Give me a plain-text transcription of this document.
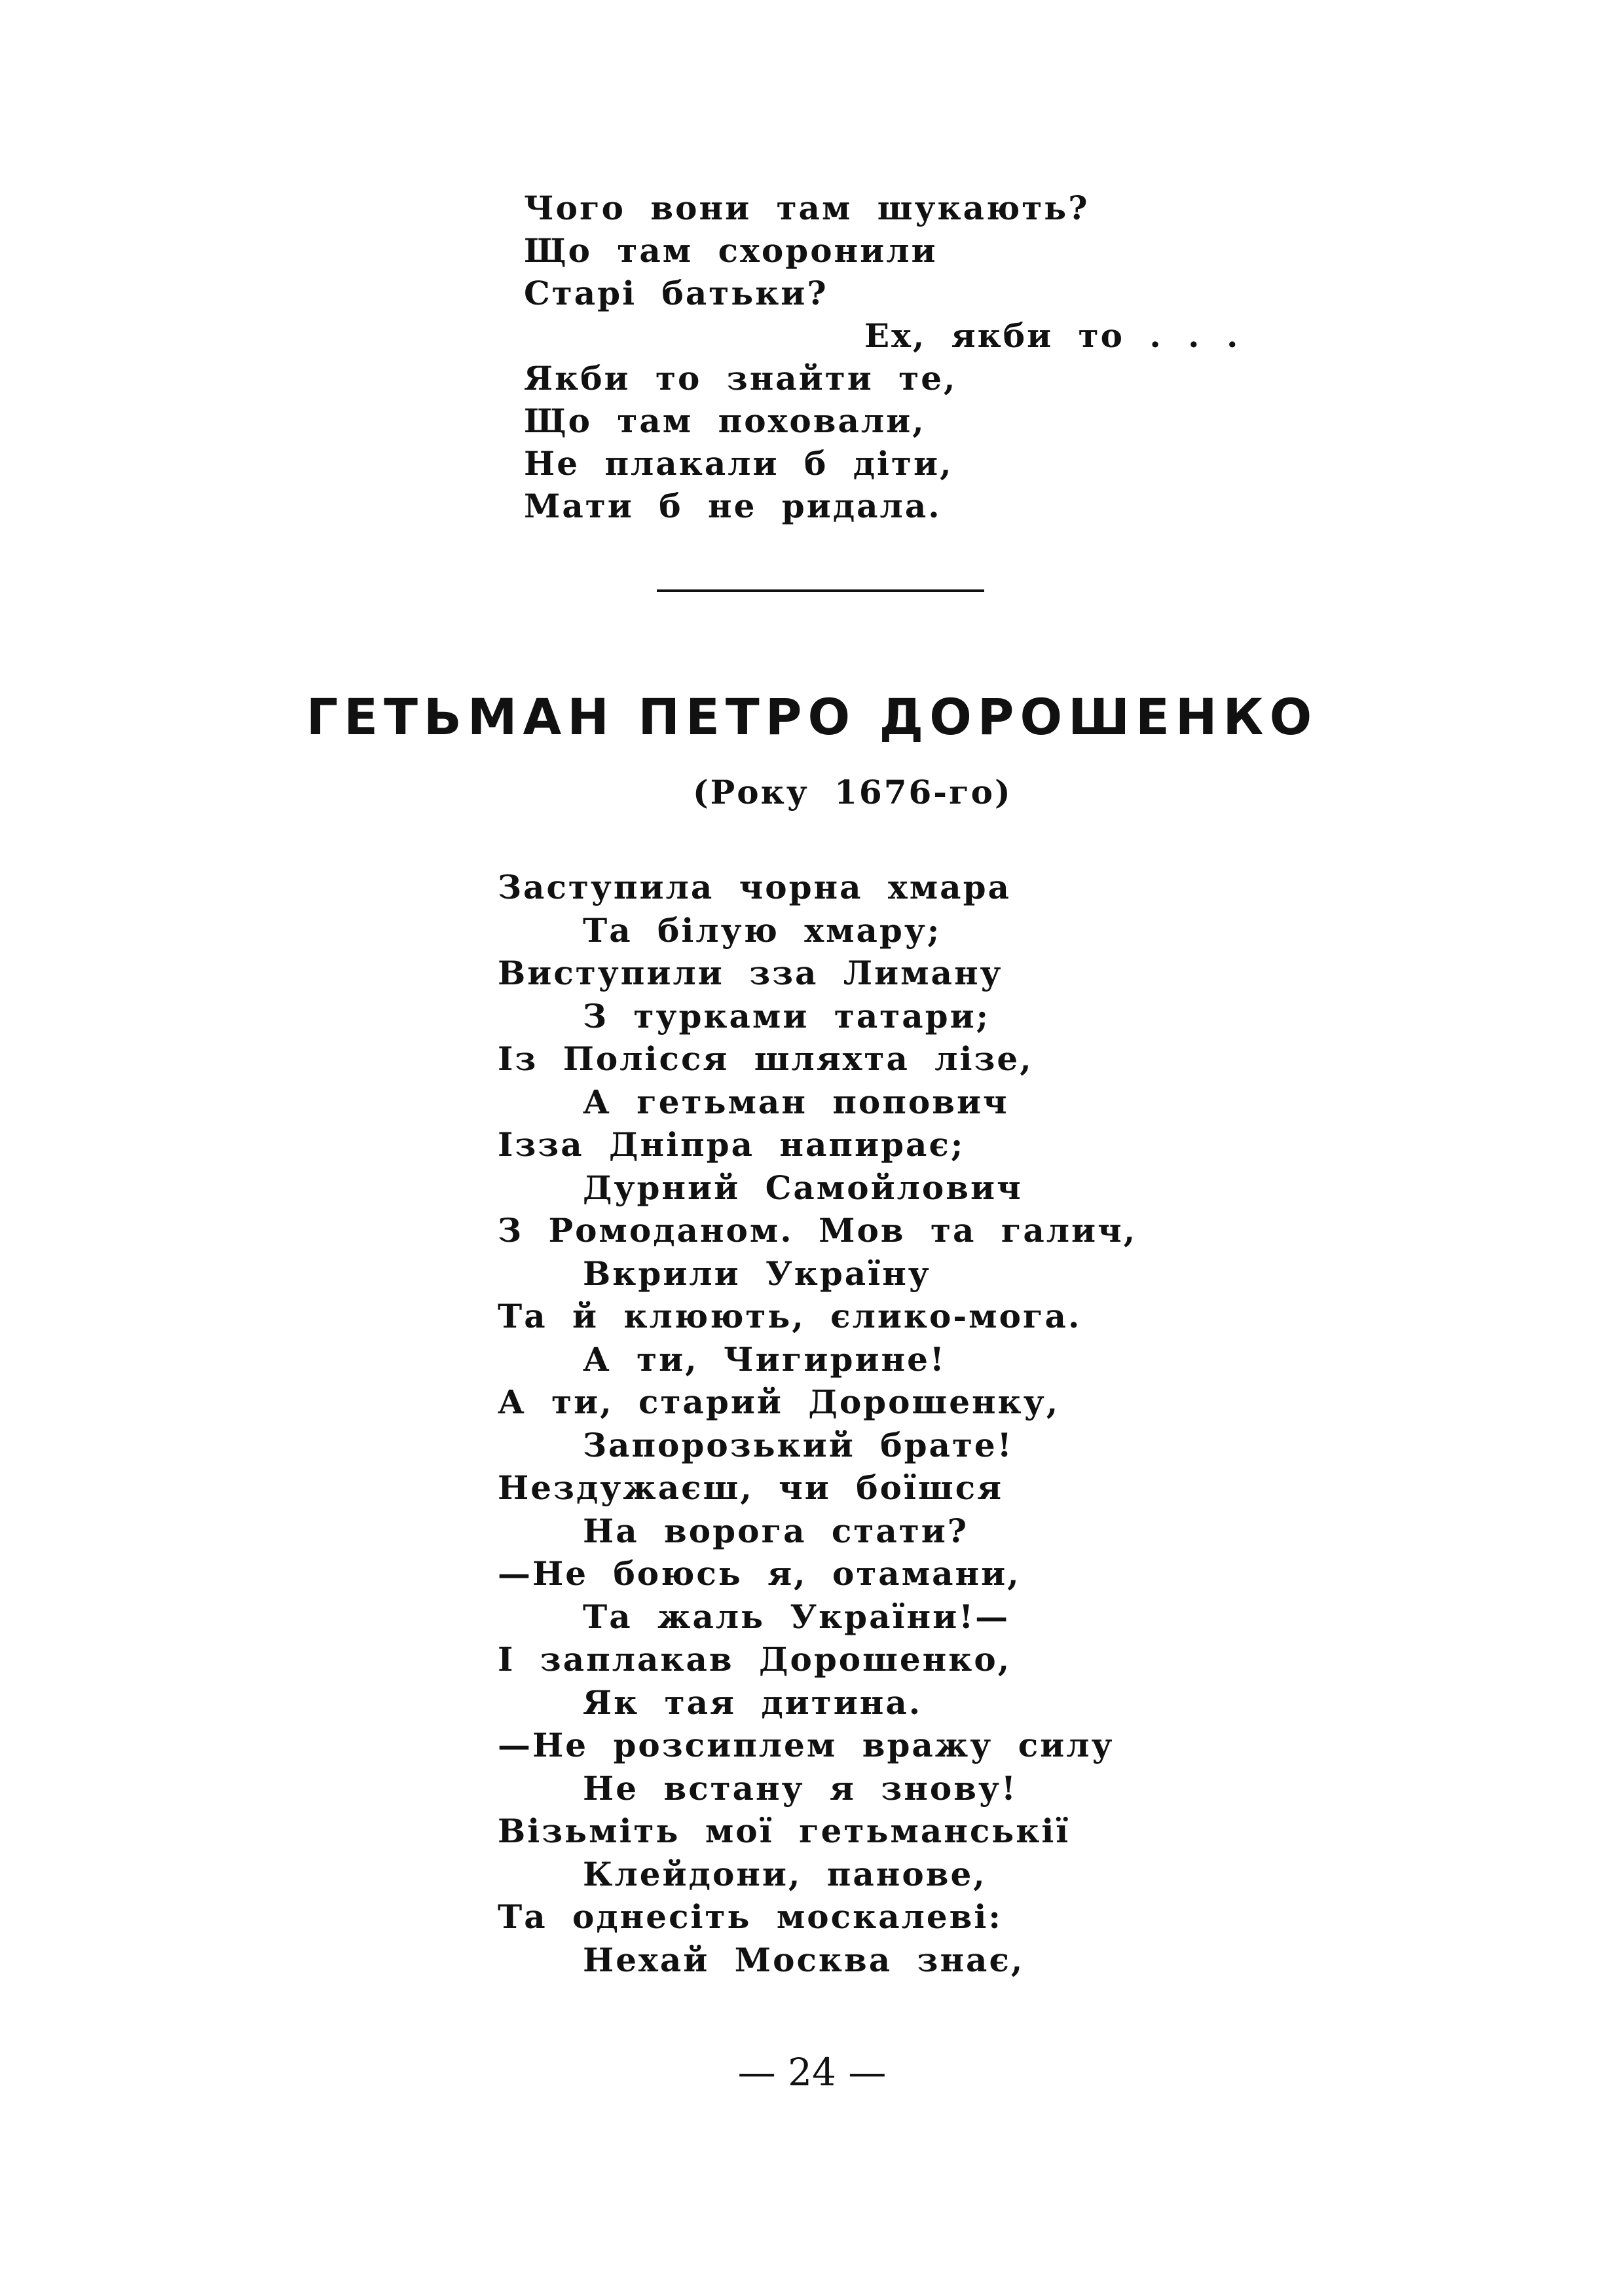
Чого вони там шукають?
Що там схоронили
Старі батьки?
Ех, якби то . . .
Якби то знайти те,
Що там поховали,
Не плакали б діти,
Мати б не ридала.
ГЕТЬМАН ПЕТРО ДОРОШЕНКО
(Року 1676-го)
Заступила чорна хмара
Та білую хмару;
Виступили зза Лиману
З турками татари;
Із Полісся шляхта лізе,
А гетьман попович
Ізза Дніпра напирає;
Дурний Самойлович
З Ромоданом. Мов та галич,
Вкрили Україну
Та й клюють, єлико-мога.
А ти, Чигирине!
А ти, старий Дорошенку,
Запорозький брате!
Нездужаєш, чи боїшся
На ворога стати?
—Не боюсь я, отамани,
Та жаль України!—
І заплакав Дорошенко,
Як тая дитина.
—Не розсиплем вражу силу
Не встану я знову!
Візьміть мої гетьманськії
Клейдони, панове,
Та однесіть москалеві:
Нехай Москва знає,
— 24 —
